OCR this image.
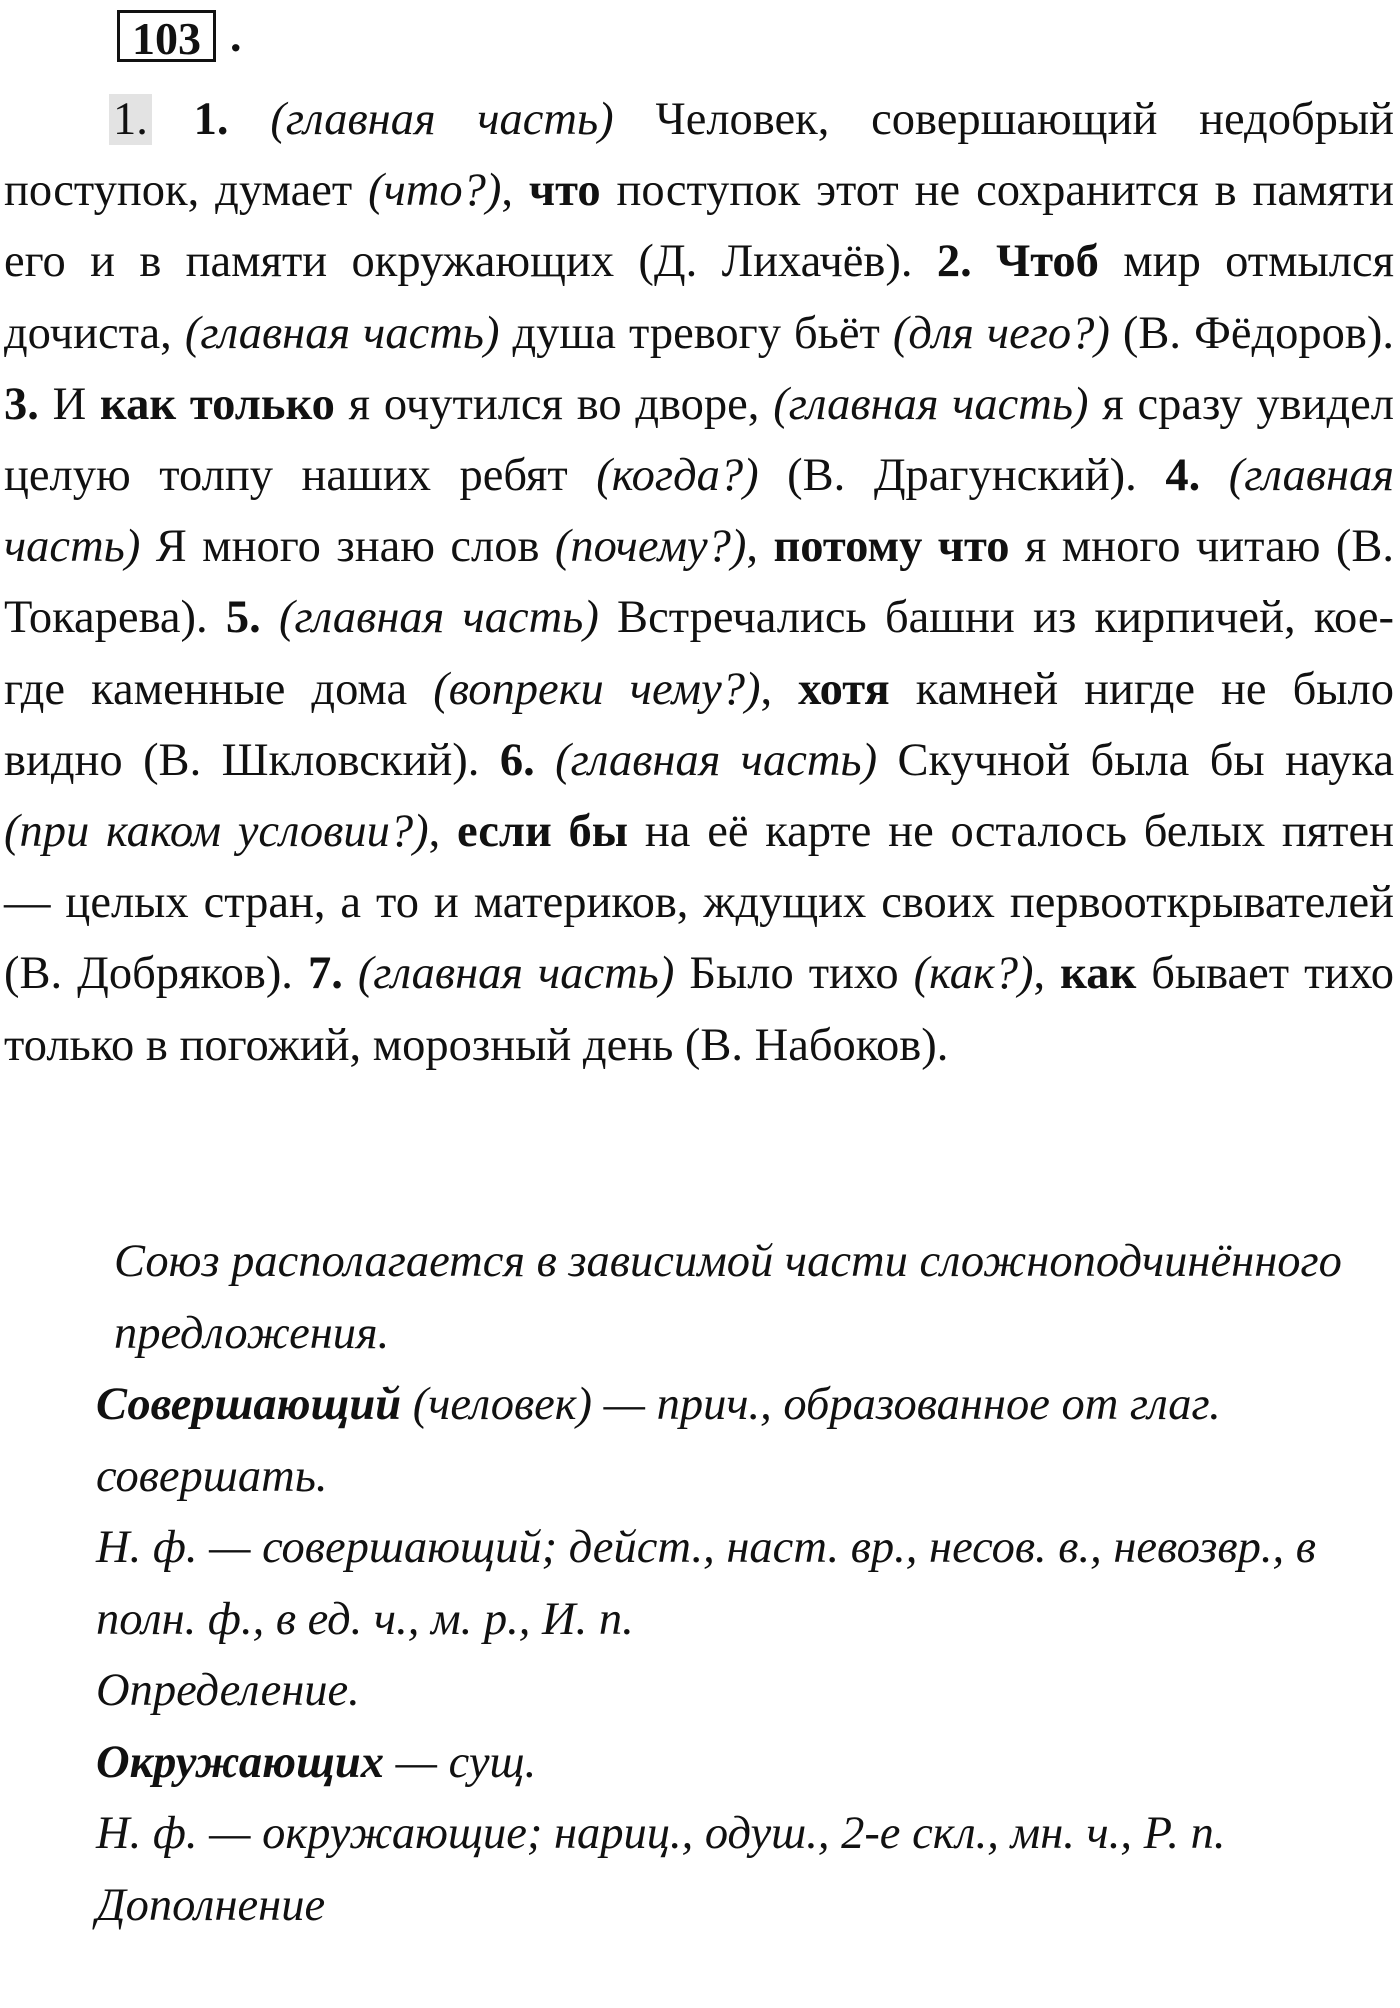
103 .
1. 1. (главная часть) Человек, совершающий недобрый поступок, думает (что?), что поступок этот не сохранится в памяти его и в памяти окружающих (Д. Лихачёв). 2. Чтоб мир отмылся дочиста, (главная часть) душа тревогу бьёт (для чего?) (В. Фёдоров). 3. И как только я очутился во дворе, (главная часть) я сразу увидел целую толпу наших ребят (когда?) (В. Драгунский). 4. (главная часть) Я много знаю слов (почему?), потому что я много читаю (В. Токарева). 5. (главная часть) Встречались башни из кирпичей, кое-где каменные дома (вопреки чему?), хотя камней нигде не было видно (В. Шкловский). 6. (главная часть) Скучной была бы наука (при каком условии?), если бы на её карте не осталось белых пятен — целых стран, а то и материков, ждущих своих первооткрывателей (В. Добряков). 7. (главная часть) Было тихо (как?), как бывает тихо только в погожий, морозный день (В. Набоков).

Союз располагается в зависимой части сложноподчинённого предложения.

Совершающий (человек) — прич., образованное от глаг. совершать.

Н. ф. — совершающий; дейст., наст. вр., несов. в., невозвр., в полн. ф., в ед. ч., м. р., И. п.

Определение.

Окружающих — сущ.

Н. ф. — окружающие; нариц., одуш., 2-е скл., мн. ч., Р. п.

Дополнение
